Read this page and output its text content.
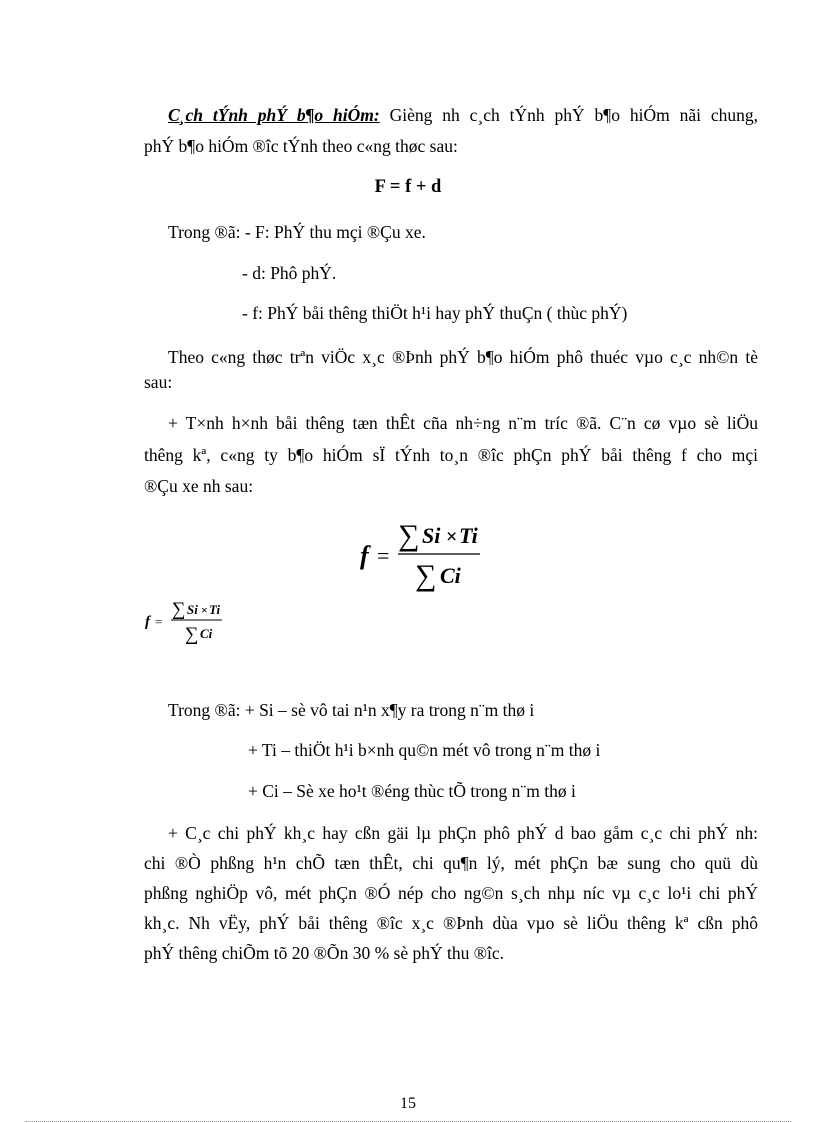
C¸ch tÝnh phÝ b¶o hiÓm: Gièng nh c¸ch tÝnh phÝ b¶o hiÓm nãi chung,
phÝ b¶o hiÓm ®îc tÝnh theo c«ng thøc sau:
F = f + d
Trong ®ã: - F: PhÝ thu mçi ®Çu xe.
- d: Phô phÝ.
- f: PhÝ båi thêng thiÖt h¹i hay phÝ thuÇn ( thùc phÝ)
Theo c«ng thøc trªn viÖc x¸c ®Þnh phÝ b¶o hiÓm phô thuéc vµo c¸c nh©n tè
sau:
+ T×nh h×nh båi thêng tæn thÊt cña nh÷ng n¨m tríc ®ã. C¨n cø vµo sè liÖu
thêng kª, c«ng ty b¶o hiÓm sÏ tÝnh to¸n ®îc phÇn phÝ båi thêng f cho mçi
®Çu xe nh sau:
f =
∑ Si × Ti
∑ Ci
f =
∑ Si × Ti
∑ Ci
Trong ®ã: + Si – sè vô tai n¹n x¶y ra trong n¨m thø i
+ Ti – thiÖt h¹i b×nh qu©n mét vô trong n¨m thø i
+ Ci – Sè xe ho¹t ®éng thùc tÕ trong n¨m thø i
+ C¸c chi phÝ kh¸c hay cßn gäi lµ phÇn phô phÝ d bao gåm c¸c chi phÝ nh:
chi ®Ò phßng h¹n chÕ tæn thÊt, chi qu¶n lý, mét phÇn bæ sung cho quü dù
phßng nghiÖp vô, mét phÇn ®Ó nép cho ng©n s¸ch nhµ níc vµ c¸c lo¹i chi phÝ
kh¸c. Nh vËy, phÝ båi thêng ®îc x¸c ®Þnh dùa vµo sè liÖu thêng kª cßn phô
phÝ thêng chiÕm tõ 20 ®Õn 30 % sè phÝ thu ®îc.
15
